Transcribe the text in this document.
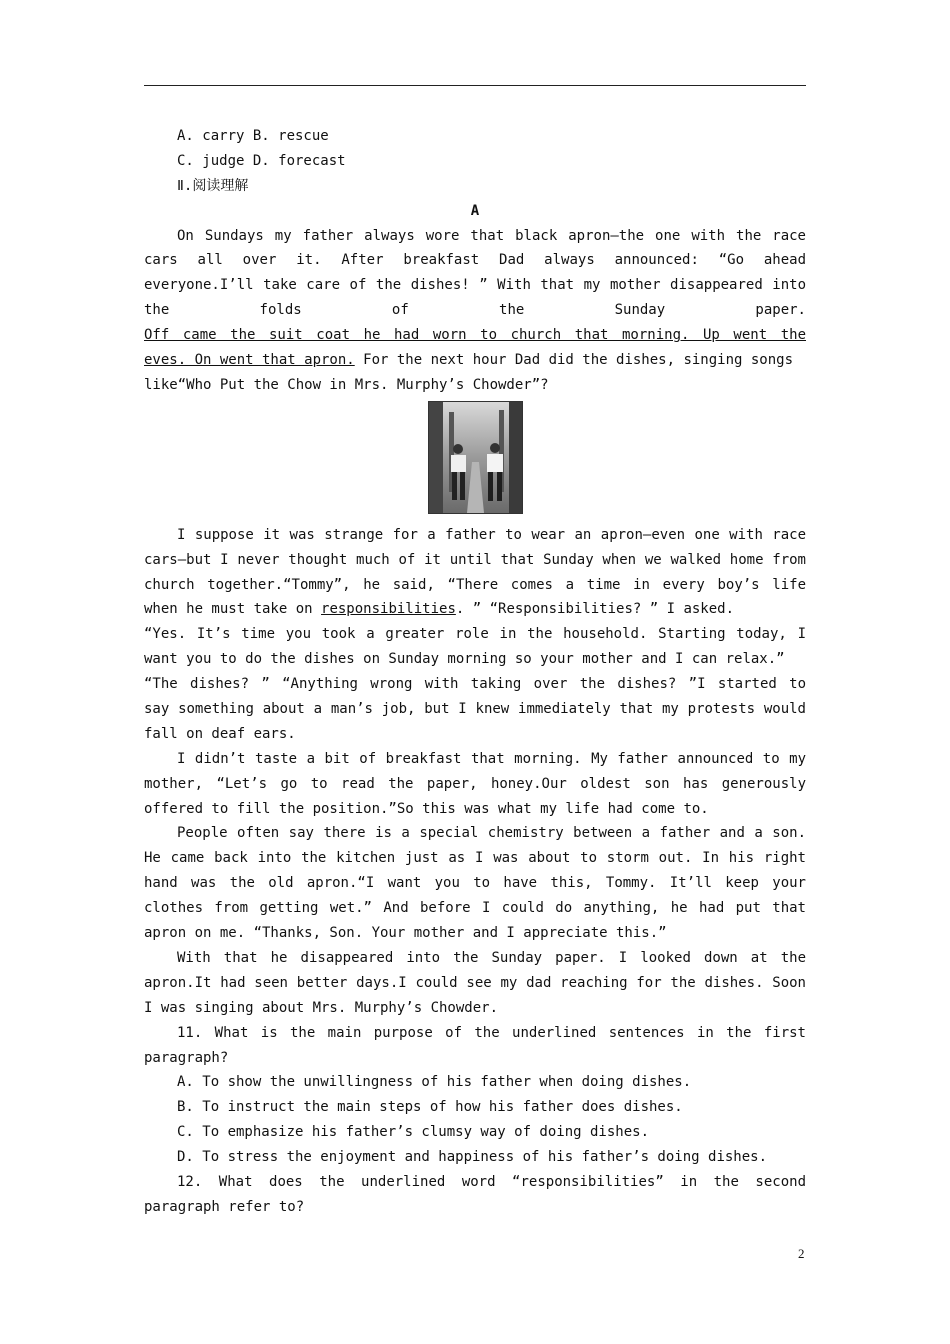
A. carry B. rescue
C. judge D. forecast
Ⅱ.阅读理解
A
On Sundays my father always wore that black apron—the one with the race
cars all over it. After breakfast Dad always announced: “Go ahead
everyone.I’ll take care of the dishes! ” With that my mother disappeared into
the folds of the Sunday paper.
Off came the suit coat he had worn to church that morning. Up went the
eves. On went that apron. For the next hour Dad did the dishes, singing songs
like“Who Put the Chow in Mrs. Murphy’s Chowder”?
I suppose it was strange for a father to wear an apron—even one with race
cars—but I never thought much of it until that Sunday when we walked home from
church together.“Tommy”, he said, “There comes a time in every boy’s life
when he must take on responsibilities. ” “Responsibilities? ” I asked.
“Yes. It’s time you took a greater role in the household. Starting today, I
want you to do the dishes on Sunday morning so your mother and I can relax.”
“The dishes? ” “Anything wrong with taking over the dishes? ”I started to
say something about a man’s job, but I knew immediately that my protests would
fall on deaf ears.
I didn’t taste a bit of breakfast that morning. My father announced to my
mother, “Let’s go to read the paper, honey.Our oldest son has generously
offered to fill the position.”So this was what my life had come to.
People often say there is a special chemistry between a father and a son.
He came back into the kitchen just as I was about to storm out. In his right
hand was the old apron.“I want you to have this, Tommy. It’ll keep your
clothes from getting wet.” And before I could do anything, he had put that
apron on me. “Thanks, Son. Your mother and I appreciate this.”
With that he disappeared into the Sunday paper. I looked down at the
apron.It had seen better days.I could see my dad reaching for the dishes. Soon
I was singing about Mrs. Murphy’s Chowder.
11. What is the main purpose of the underlined sentences in the first
paragraph?
A. To show the unwillingness of his father when doing dishes.
B. To instruct the main steps of how his father does dishes.
C. To emphasize his father’s clumsy way of doing dishes.
D. To stress the enjoyment and happiness of his father’s doing dishes.
12. What does the underlined word “responsibilities” in the second
paragraph refer to?
2
